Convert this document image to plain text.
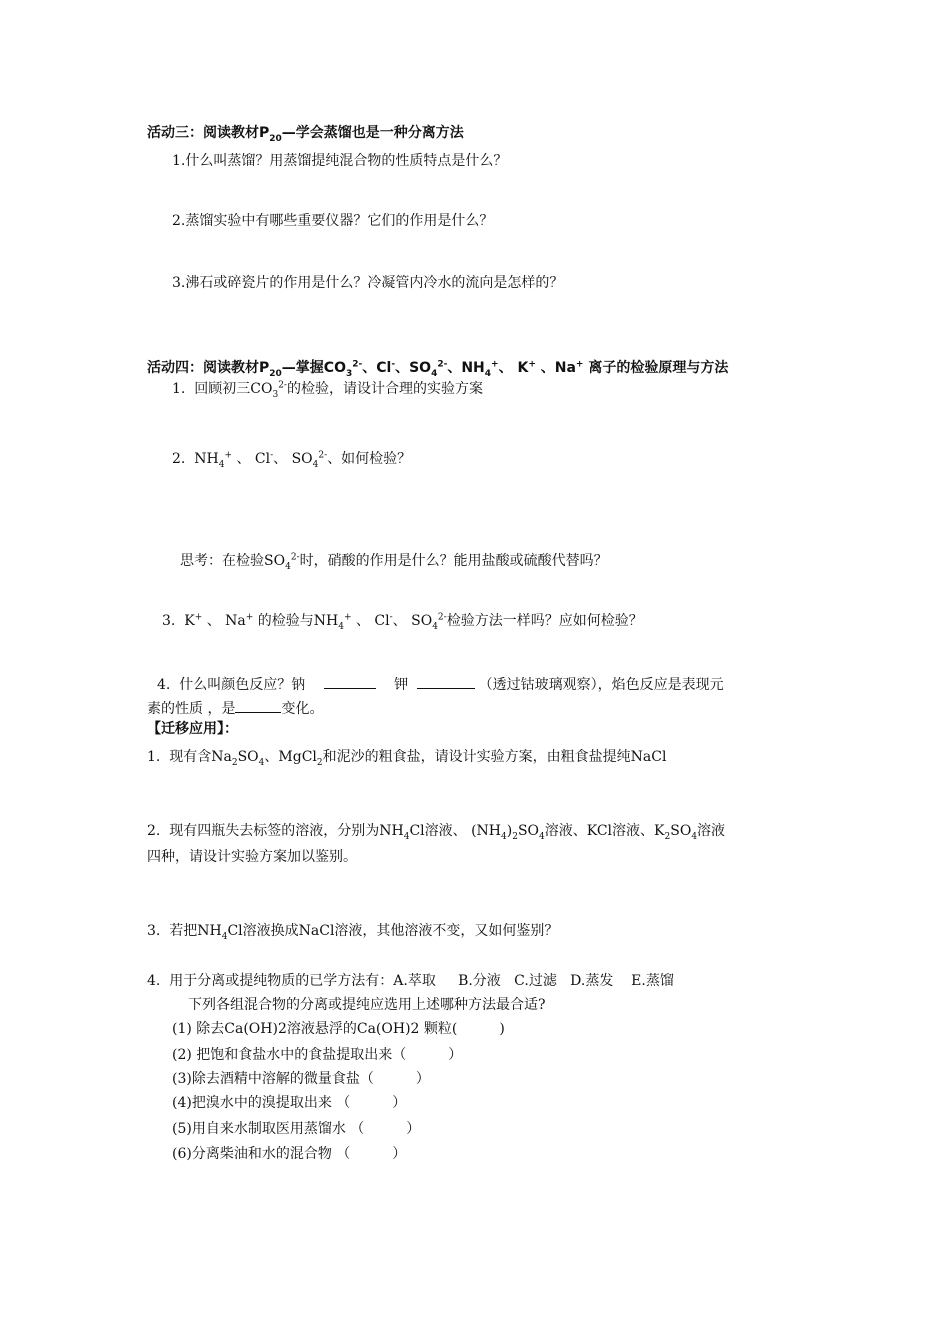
活动三：阅读教材$P_{20}—$学会蒸馏也是一种分离方法
1.什么叫蒸馏？用蒸馏提纯混合物的性质特点是什么？
2.蒸馏实验中有哪些重要仪器？它们的作用是什么？
3.沸石或碎瓷片的作用是什么？冷凝管内冷水的流向是怎样的？
活动四：阅读教材$P_{20}—$掌握$CO_3^{2-}$、Cl-、$SO_4^{2-}$、$NH_4^+$、 K+ 、Na+ 离子的检验原理与方法
1.  回顾初三$CO_3^{2-}$的检验，请设计合理的实验方案
2.  $NH_4^+$ 、 Cl-、 $SO_4^{2-}$、如何检验？
思考：在检验$SO_4^{2-}$时，硝酸的作用是什么？能用盐酸或硫酸代替吗？
3.  K+ 、 Na+ 的检验与$NH_4^+$ 、 Cl-、 $SO_4^{2-}$检验方法一样吗？应如何检验？
4.  什么叫颜色反应？钠	钾	（透过钴玻璃观察），焰色反应是表现元
素的性质 ，是	变化。
【迁移应用】：
1.  现有含$Na_2SO_4$、MgCl$_2$和泥沙的粗食盐，请设计实验方案，由粗食盐提纯NaCl
2.  现有四瓶失去标签的溶液，分别为$NH_4Cl$溶液、 $(NH_4)_2SO_4$溶液、KCl溶液、$K_2SO_4$溶液
四种，请设计实验方案加以鉴别。
3.  若把$NH_4Cl$溶液换成NaCl溶液，其他溶液不变，又如何鉴别？
4.  用于分离或提纯物质的已学方法有：A.萃取     B.分液   C.过滤   D.蒸发    E.蒸馏
下列各组混合物的分离或提纯应选用上述哪种方法最合适?
(1) 除去Ca(OH)2溶液悬浮的Ca(OH)2 颗粒(　　　)
(2) 把饱和食盐水中的食盐提取出来（　　　）
(3)除去酒精中溶解的微量食盐（　　　）
(4)把溴水中的溴提取出来 （　　　）
(5)用自来水制取医用蒸馏水 （　　　）
(6)分离柴油和水的混合物 （　　　）
